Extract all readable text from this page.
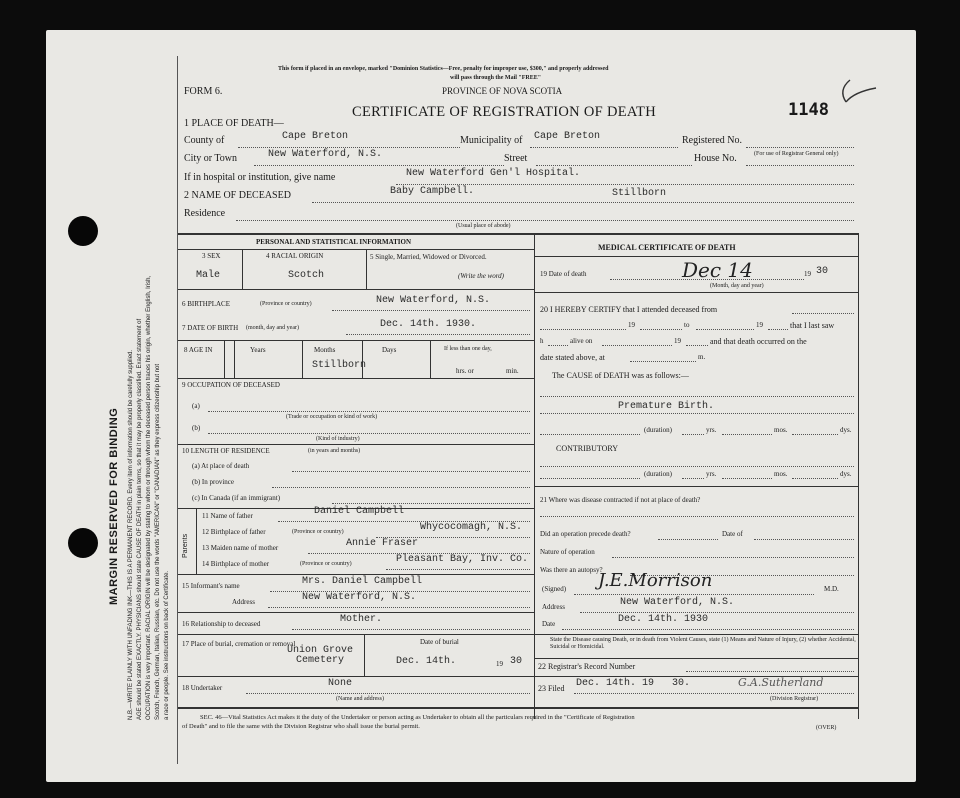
MARGIN RESERVED FOR BINDING N.B.—WRITE PLAINLY WITH UNFADING INK—THIS IS A PERMANENT RECORD. Every item of information should be carefully supplied. AGE should be stated EXACTLY. PHYSICIANS should state CAUSE OF DEATH in plain terms, so that it may be properly classified. Exact statement of OCCUPATION is very important. RACIAL ORIGIN will be designated by stating to whom or through whom the deceased person traces his origin, whether English, Irish, Scotch, French, German, Italian, Russian, etc. Do not use the words "AMERICAN" or "CANADIAN" as they express citizenship but not a race or people. See instructions on back of Certificate.
This form if placed in an envelope, marked "Dominion Statistics—Free, penalty for improper use, $300," and properly addressed
will pass through the Mail "FREE"
PROVINCE OF NOVA SCOTIA
FORM 6.
CERTIFICATE OF REGISTRATION OF DEATH	1148
1 PLACE OF DEATH—
County of	Cape Breton	Municipality of Cape Breton	Registered No.
(For use of Registrar General only)
City or Town	New Waterford, N.S.	Street	House No.
If in hospital or institution, give name	New Waterford Gen'l Hospital.
2 NAME OF DECEASED	Baby Campbell.	Stillborn
Residence
(Usual place of abode)
PERSONAL AND STATISTICAL INFORMATION
3 SEX
Male
4 RACIAL ORIGIN
Scotch
5 Single, Married, Widowed or Divorced.
(Write the word)
6 BIRTHPLACE	(Province or country)	New Waterford, N.S.
7 DATE OF BIRTH (month, day and year)	Dec. 14th. 1930.
8 AGE IN	Years	Months	Days
Stillborn
If less than one day,
hrs. or	min.
9 OCCUPATION OF DECEASED
(a)
(Trade or occupation or kind of work)
(b)
(Kind of industry)
10 LENGTH OF RESIDENCE	(in years and months)
(a) At place of death
(b) In province
(c) In Canada (if an immigrant)
Parents
11 Name of father	Daniel Campbell
12 Birthplace of father	(Province or country)	Whycocomagh, N.S.
13 Maiden name of mother	Annie Fraser
14 Birthplace of mother	(Province or country)	Pleasant Bay, Inv. Co.
15 Informant's name	Mrs. Daniel Campbell
Address	New Waterford, N.S.
16 Relationship to deceased	Mother.
17 Place of burial, cremation or removal
Union Grove Cemetery
Date of burial
Dec. 14th.	19 30
18 Undertaker	None
(Name and address)
MEDICAL CERTIFICATE OF DEATH
19 Date of death	Dec 14	19 30
(Month, day and year)
20 I HEREBY CERTIFY that I attended deceased from
19	to	19	that I last saw
h	alive on	19	and that death occurred on the
date stated above, at	m.
The CAUSE of DEATH was as follows:—
Premature Birth.
(duration)	yrs.	mos.	dys.
CONTRIBUTORY
(duration)	yrs.	mos.	dys.
21 Where was disease contracted if not at place of death?
Did an operation precede death?	Date of
Nature of operation
Was there an autopsy?
(Signed) J.E.Morrison	M.D.
Address	New Waterford, N.S.
Date	Dec. 14th. 1930
State the Disease causing Death, or in death from Violent Causes, state (1) Means and Nature of Injury, (2) whether Accidental, Suicidal or Homicidal.
22 Registrar's Record Number
23 Filed Dec. 14th. 19 30.	G.A.Sutherland
(Division Registrar)
SEC. 46—Vital Statistics Act makes it the duty of the Undertaker or person acting as Undertaker to obtain all the particulars required in the "Certificate of Registration
of Death" and to file the same with the Division Registrar who shall issue the burial permit.	(OVER)
